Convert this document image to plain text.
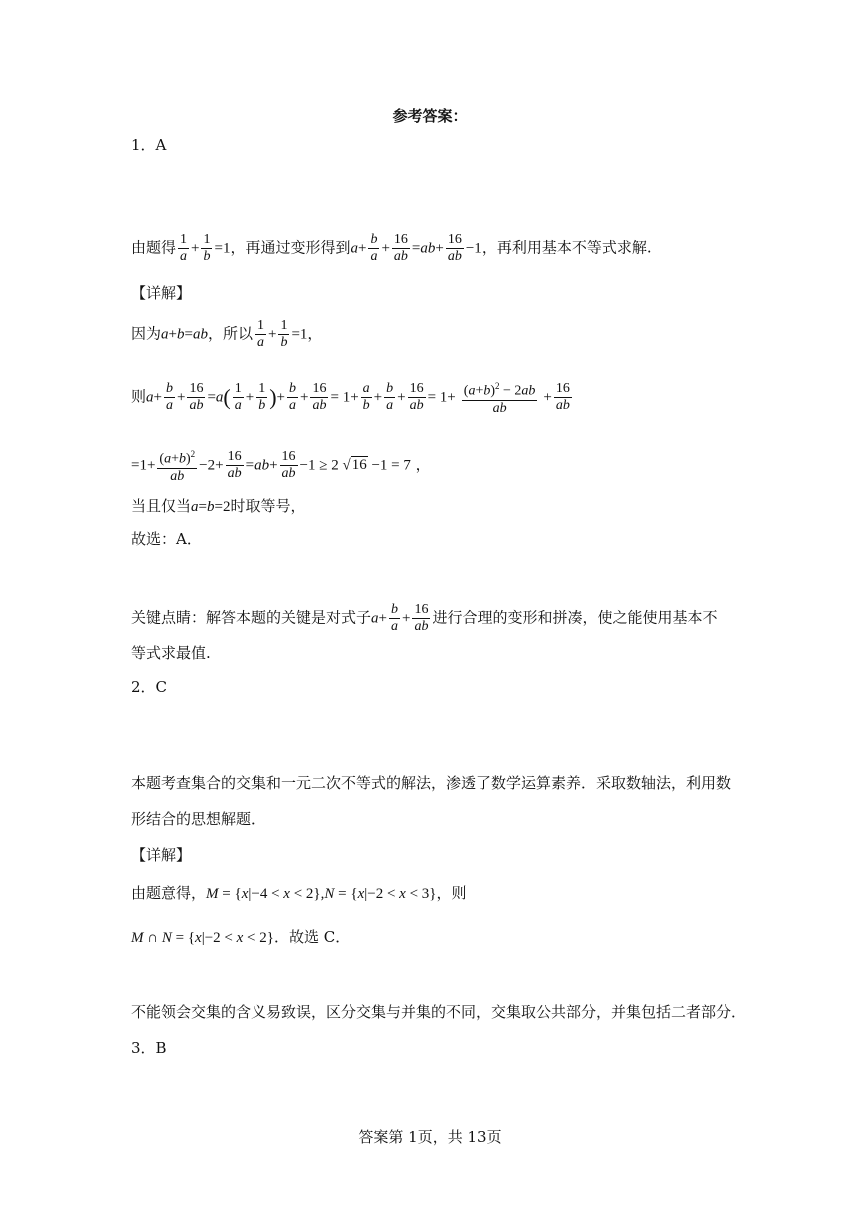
参考答案：
1．A
由题得 $\frac{1}{a} + \frac{1}{b} =1$，再通过变形得到$a+ \frac{b}{a} + \frac{16}{ab} =ab+ \frac{16}{ab} -1$，再利用基本不等式求解.
【详解】
因为a+b=ab，所以 $\frac{1}{a} + \frac{1}{b} =1$，
则$a+ \frac{b}{a} + \frac{16}{ab} =a( \frac{1}{a} + \frac{1}{b}$ )+ $\frac{b}{a} + \frac{16}{ab} = 1+ \frac{a}{b} + \frac{b}{a} + \frac{16}{ab} = 1+ \frac{(a+b)^2 - 2ab}{ab} + \frac{16}{ab}$
$=1+ \frac{(a+b)^2}{ab} -2+ \frac{16}{ab} =ab+ \frac{16}{ab} -1 \ge 2$ √16 −1 = 7 ，
当且仅当a=b=2时取等号，
故选：A．
关键点睛：解答本题的关键是对式子$a+ \frac{b}{a} + \frac{16}{ab}$ 进行合理的变形和拼凑，使之能使用基本不
等式求最值.
2．C
本题考查集合的交集和一元二次不等式的解法，渗透了数学运算素养．采取数轴法，利用数
形结合的思想解题．
【详解】
由题意得，M = {x|−4 < x < 2},N = {x|−2 < x < 3}，则
M ∩ N = {x|−2 < x < 2}．故选 C．
不能领会交集的含义易致误，区分交集与并集的不同，交集取公共部分，并集包括二者部分．
3．B
答案第 1页，共 13页
